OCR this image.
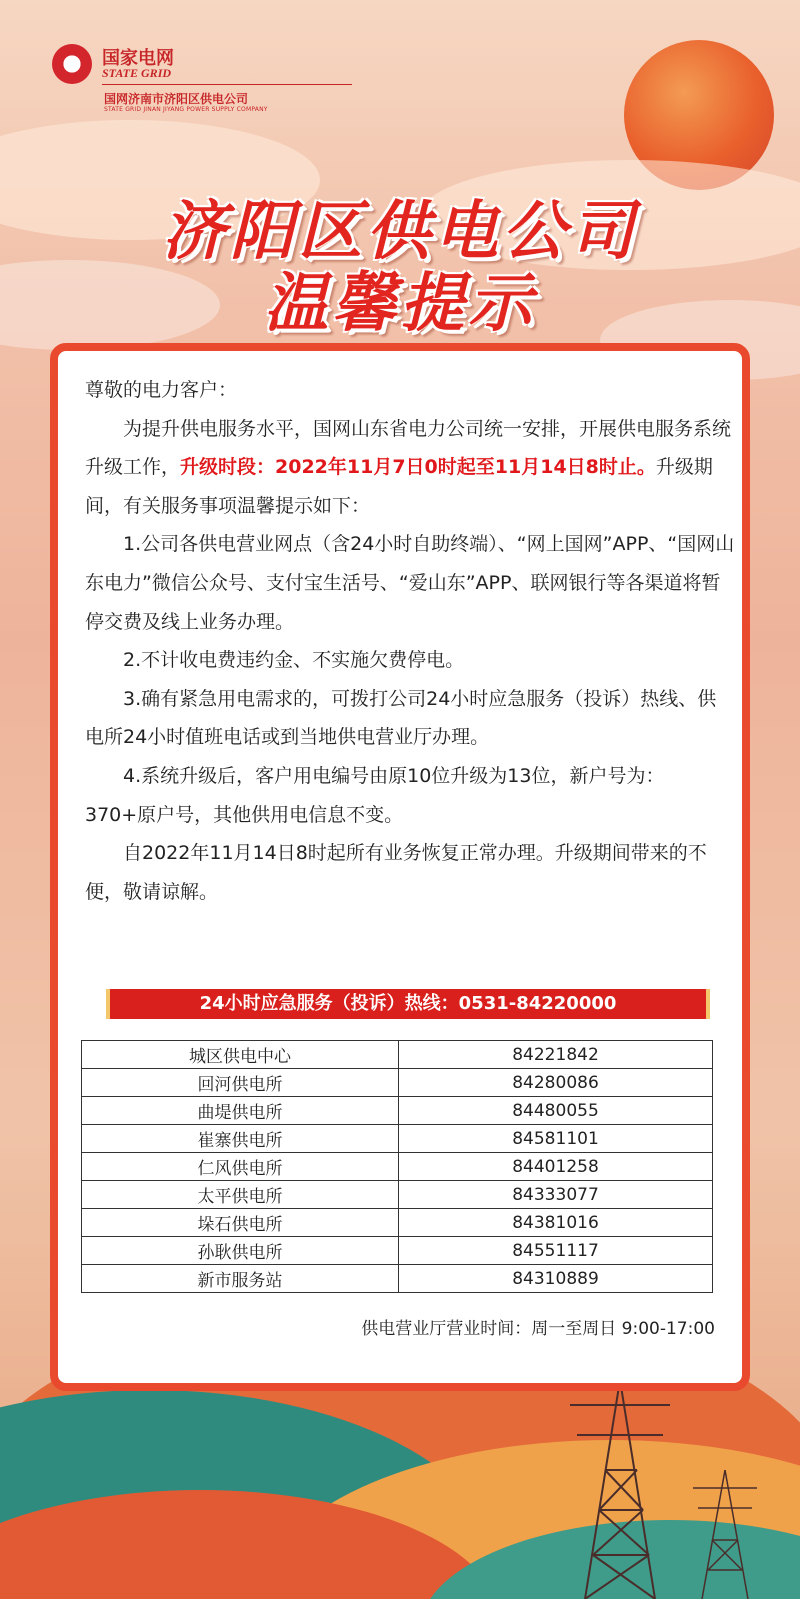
国家电网
STATE GRID
国网济南市济阳区供电公司
STATE GRID JINAN JIYANG POWER SUPPLY COMPANY
济阳区供电公司
温馨提示

尊敬的电力客户：

为提升供电服务水平，国网山东省电力公司统一安排，开展供电服务系统升级工作，升级时段：2022年11月7日0时起至11月14日8时止。升级期间，有关服务事项温馨提示如下：

1.公司各供电营业网点（含24小时自助终端）、“网上国网”APP、“国网山东电力”微信公众号、支付宝生活号、“爱山东”APP、联网银行等各渠道将暂停交费及线上业务办理。

2.不计收电费违约金、不实施欠费停电。

3.确有紧急用电需求的，可拨打公司24小时应急服务（投诉）热线、供电所24小时值班电话或到当地供电营业厅办理。

4.系统升级后，客户用电编号由原10位升级为13位，新户号为：370+原户号，其他供用电信息不变。

自2022年11月14日8时起所有业务恢复正常办理。升级期间带来的不便，敬请谅解。

24小时应急服务（投诉）热线：0531-84220000
城区供电中心	84221842
回河供电所	84280086
曲堤供电所	84480055
崔寨供电所	84581101
仁风供电所	84401258
太平供电所	84333077
垛石供电所	84381016
孙耿供电所	84551117
新市服务站	84310889
供电营业厅营业时间：周一至周日 9:00-17:00
